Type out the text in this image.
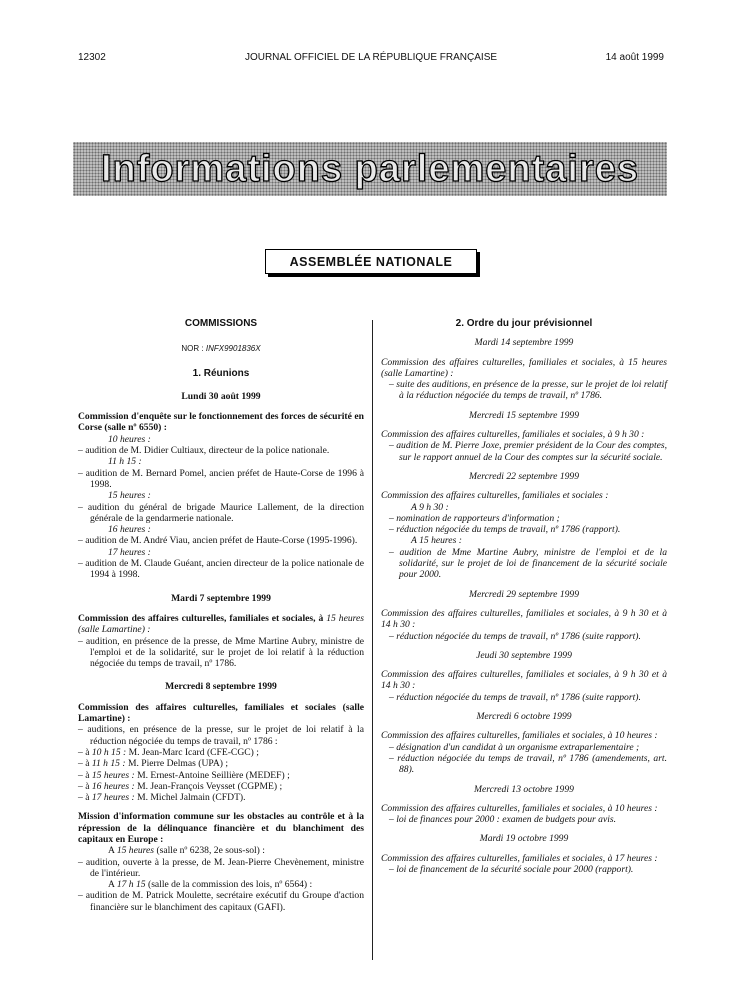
12302	JOURNAL OFFICIEL DE LA RÉPUBLIQUE FRANÇAISE	14 août 1999
Informations parlementaires
ASSEMBLÉE NATIONALE
COMMISSIONS
NOR : INFX9901836X
1. Réunions
Lundi 30 août 1999
Commission d'enquête sur le fonctionnement des forces de sécurité en Corse (salle nº 6550) :
10 heures :
– audition de M. Didier Cultiaux, directeur de la police nationale.
11 h 15 :
– audition de M. Bernard Pomel, ancien préfet de Haute-Corse de 1996 à 1998.
15 heures :
– audition du général de brigade Maurice Lallement, de la direction générale de la gendarmerie nationale.
16 heures :
– audition de M. André Viau, ancien préfet de Haute-Corse (1995-1996).
17 heures :
– audition de M. Claude Guéant, ancien directeur de la police nationale de 1994 à 1998.
Mardi 7 septembre 1999
Commission des affaires culturelles, familiales et sociales, à 15 heures (salle Lamartine) :
– audition, en présence de la presse, de Mme Martine Aubry, ministre de l'emploi et de la solidarité, sur le projet de loi relatif à la réduction négociée du temps de travail, nº 1786.
Mercredi 8 septembre 1999
Commission des affaires culturelles, familiales et sociales (salle Lamartine) :
– auditions, en présence de la presse, sur le projet de loi relatif à la réduction négociée du temps de travail, nº 1786 :
– à 10 h 15 : M. Jean-Marc Icard (CFE-CGC) ;
– à 11 h 15 : M. Pierre Delmas (UPA) ;
– à 15 heures : M. Ernest-Antoine Seillière (MEDEF) ;
– à 16 heures : M. Jean-François Veysset (CGPME) ;
– à 17 heures : M. Michel Jalmain (CFDT).
Mission d'information commune sur les obstacles au contrôle et à la répression de la délinquance financière et du blanchiment des capitaux en Europe :
A 15 heures (salle nº 6238, 2e sous-sol) :
– audition, ouverte à la presse, de M. Jean-Pierre Chevènement, ministre de l'intérieur.
A 17 h 15 (salle de la commission des lois, nº 6564) :
– audition de M. Patrick Moulette, secrétaire exécutif du Groupe d'action financière sur le blanchiment des capitaux (GAFI).
2. Ordre du jour prévisionnel
Mardi 14 septembre 1999
Commission des affaires culturelles, familiales et sociales, à 15 heures (salle Lamartine) :
– suite des auditions, en présence de la presse, sur le projet de loi relatif à la réduction négociée du temps de travail, nº 1786.
Mercredi 15 septembre 1999
Commission des affaires culturelles, familiales et sociales, à 9 h 30 :
– audition de M. Pierre Joxe, premier président de la Cour des comptes, sur le rapport annuel de la Cour des comptes sur la sécurité sociale.
Mercredi 22 septembre 1999
Commission des affaires culturelles, familiales et sociales :
A 9 h 30 :
– nomination de rapporteurs d'information ;
– réduction négociée du temps de travail, nº 1786 (rapport).
A 15 heures :
– audition de Mme Martine Aubry, ministre de l'emploi et de la solidarité, sur le projet de loi de financement de la sécurité sociale pour 2000.
Mercredi 29 septembre 1999
Commission des affaires culturelles, familiales et sociales, à 9 h 30 et à 14 h 30 :
– réduction négociée du temps de travail, nº 1786 (suite rapport).
Jeudi 30 septembre 1999
Commission des affaires culturelles, familiales et sociales, à 9 h 30 et à 14 h 30 :
– réduction négociée du temps de travail, nº 1786 (suite rapport).
Mercredi 6 octobre 1999
Commission des affaires culturelles, familiales et sociales, à 10 heures :
– désignation d'un candidat à un organisme extraparlementaire ;
– réduction négociée du temps de travail, nº 1786 (amendements, art. 88).
Mercredi 13 octobre 1999
Commission des affaires culturelles, familiales et sociales, à 10 heures :
– loi de finances pour 2000 : examen de budgets pour avis.
Mardi 19 octobre 1999
Commission des affaires culturelles, familiales et sociales, à 17 heures :
– loi de financement de la sécurité sociale pour 2000 (rapport).
